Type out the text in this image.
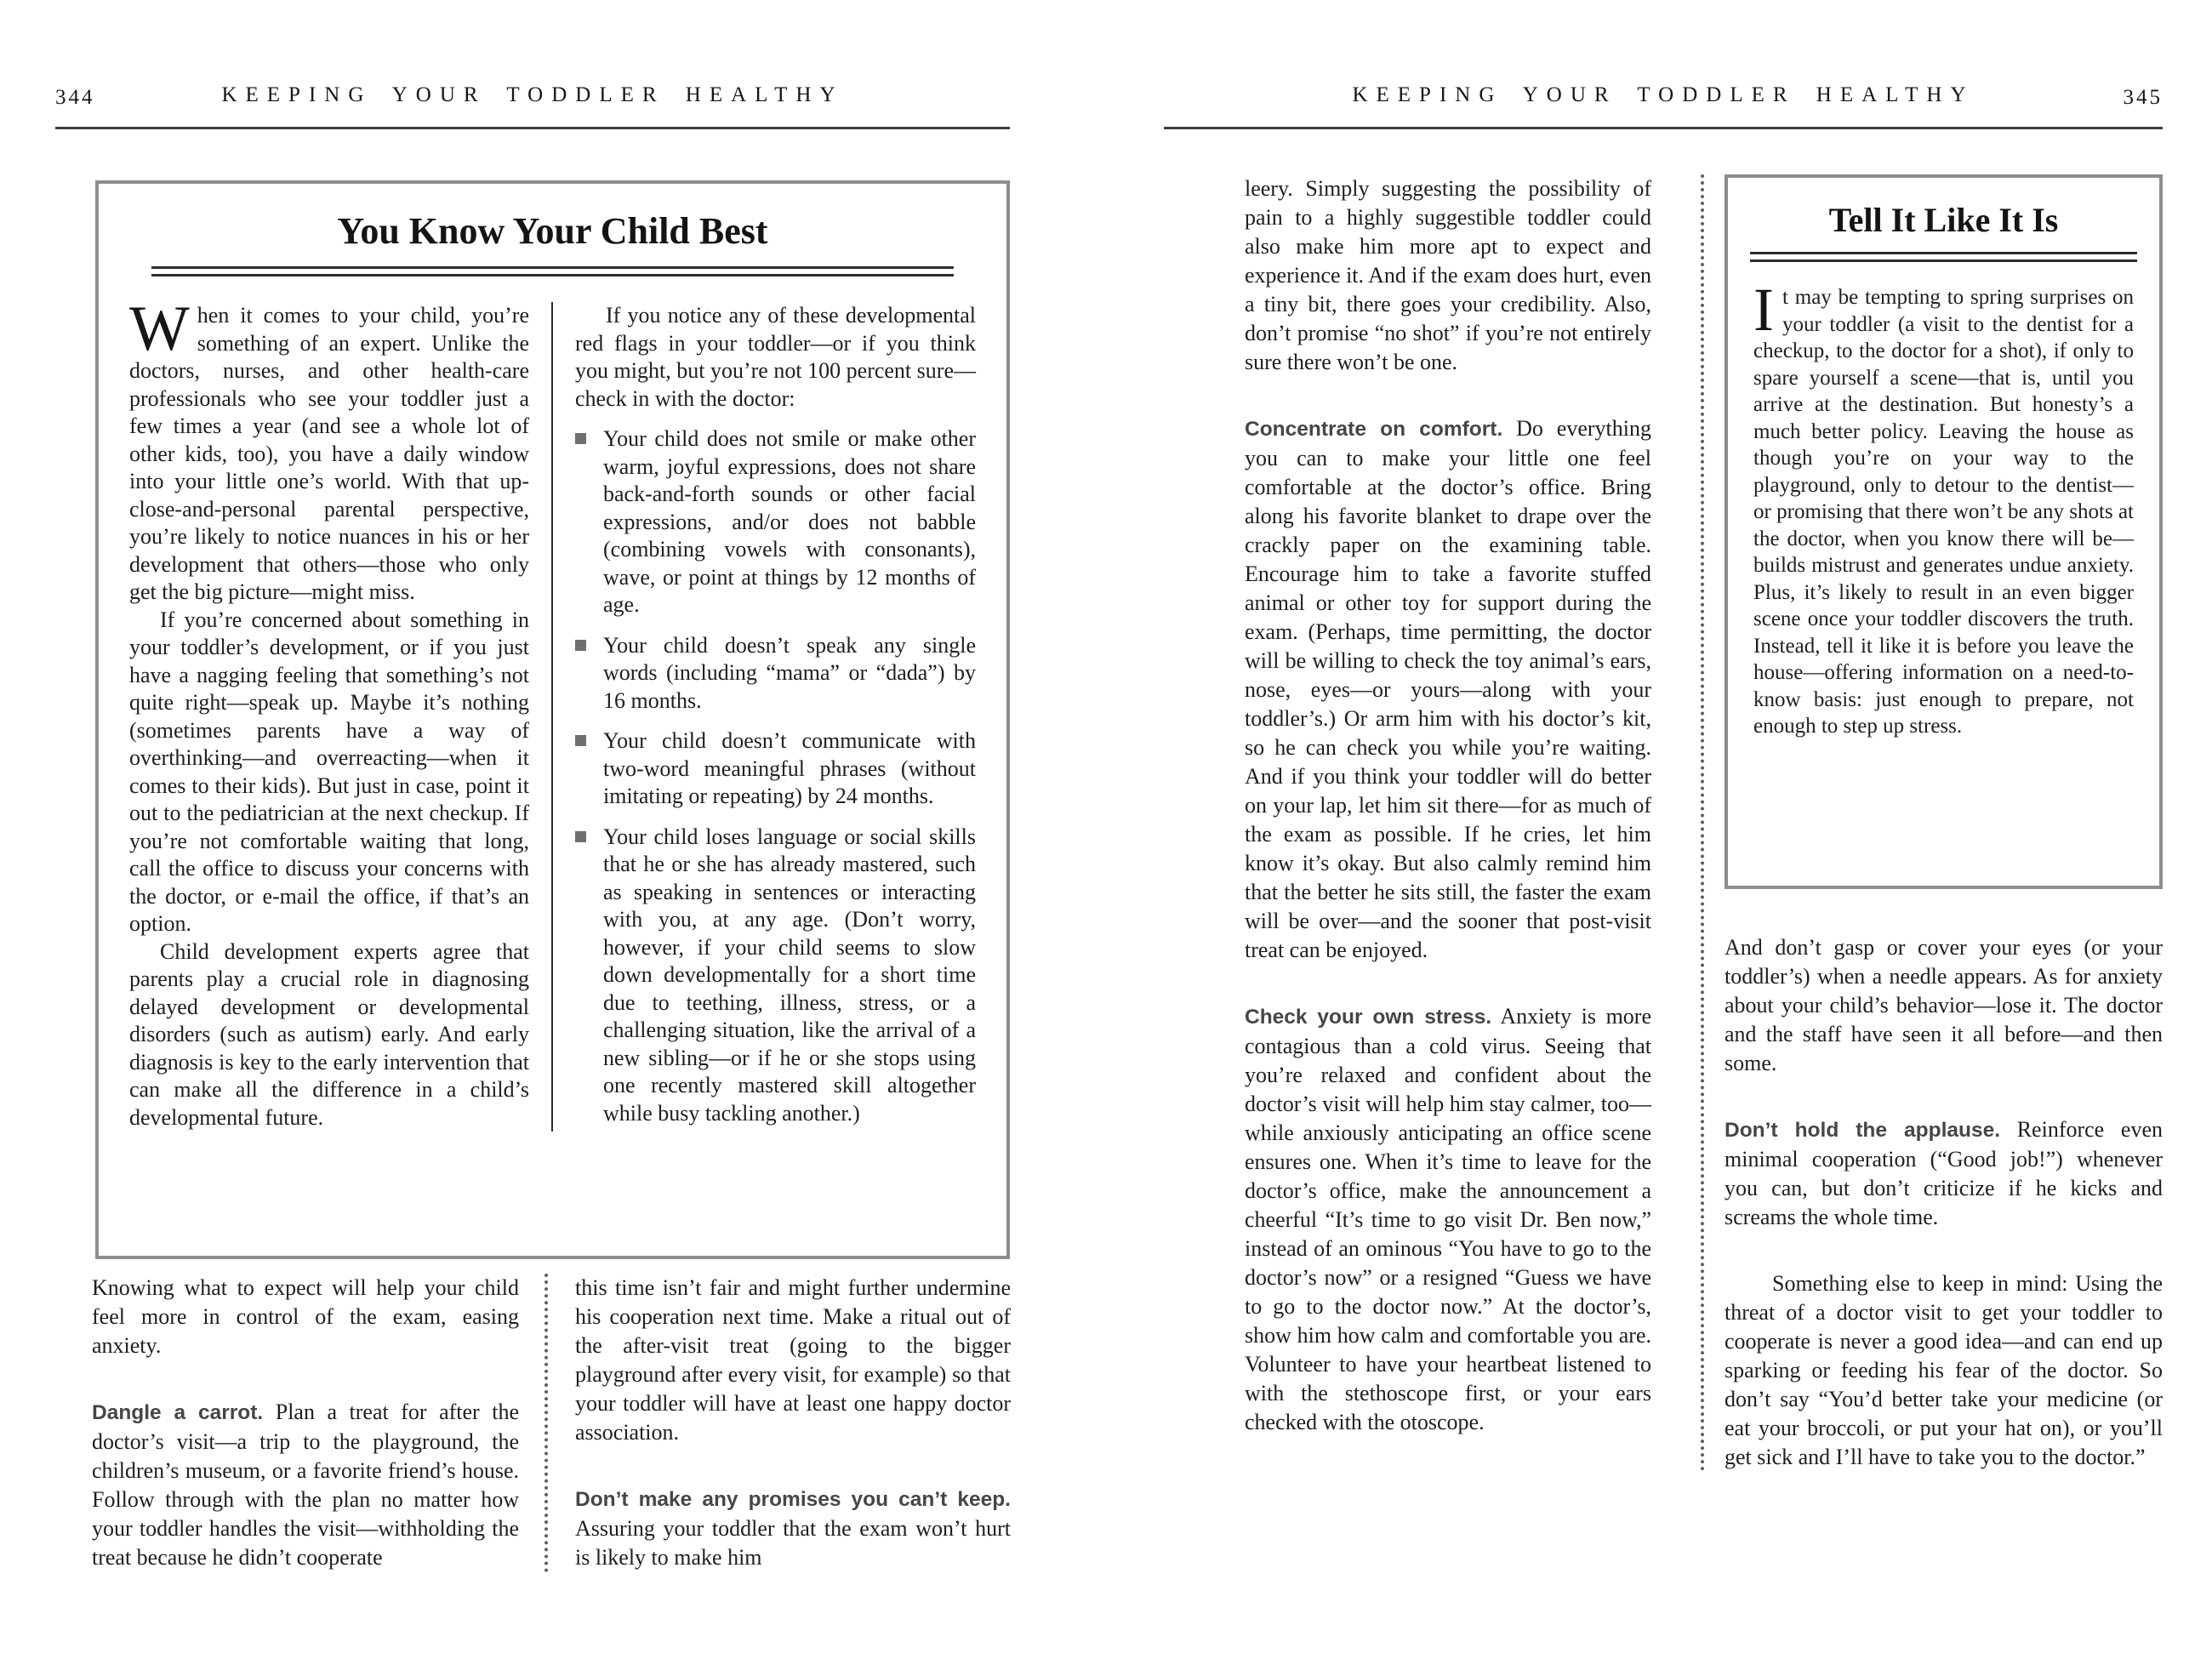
344	KEEPING YOUR TODDLER HEALTHY
You Know Your Child Best

When it comes to your child, you’re something of an expert. Unlike the doctors, nurses, and other health-care professionals who see your toddler just a few times a year (and see a whole lot of other kids, too), you have a daily window into your little one’s world. With that up-close-and-personal parental perspective, you’re likely to notice nuances in his or her development that others—those who only get the big picture—might miss.

If you’re concerned about something in your toddler’s development, or if you just have a nagging feeling that something’s not quite right—speak up. Maybe it’s nothing (sometimes parents have a way of overthinking—and overreacting—when it comes to their kids). But just in case, point it out to the pediatrician at the next checkup. If you’re not comfortable waiting that long, call the office to discuss your concerns with the doctor, or e-mail the office, if that’s an option.

Child development experts agree that parents play a crucial role in diagnosing delayed development or developmental disorders (such as autism) early. And early diagnosis is key to the early intervention that can make all the difference in a child’s developmental future.

If you notice any of these developmental red flags in your toddler—or if you think you might, but you’re not 100 percent sure—check in with the doctor:

Your child does not smile or make other warm, joyful expressions, does not share back-and-forth sounds or other facial expressions, and/or does not babble (combining vowels with consonants), wave, or point at things by 12 months of age.
Your child doesn’t speak any single words (including “mama” or “dada”) by 16 months.
Your child doesn’t communicate with two-word meaningful phrases (without imitating or repeating) by 24 months.
Your child loses language or social skills that he or she has already mastered, such as speaking in sentences or interacting with you, at any age. (Don’t worry, however, if your child seems to slow down developmentally for a short time due to teething, illness, stress, or a challenging situation, like the arrival of a new sibling—or if he or she stops using one recently mastered skill altogether while busy tackling another.)

Knowing what to expect will help your child feel more in control of the exam, easing anxiety.

Dangle a carrot. Plan a treat for after the doctor’s visit—a trip to the playground, the children’s museum, or a favorite friend’s house. Follow through with the plan no matter how your toddler handles the visit—withholding the treat because he didn’t cooperate

this time isn’t fair and might further undermine his cooperation next time. Make a ritual out of the after-visit treat (going to the bigger playground after every visit, for example) so that your toddler will have at least one happy doctor association.

Don’t make any promises you can’t keep. Assuring your toddler that the exam won’t hurt is likely to make him

KEEPING YOUR TODDLER HEALTHY	345

leery. Simply suggesting the possibility of pain to a highly suggestible toddler could also make him more apt to expect and experience it. And if the exam does hurt, even a tiny bit, there goes your credibility. Also, don’t promise “no shot” if you’re not entirely sure there won’t be one.

Concentrate on comfort. Do everything you can to make your little one feel comfortable at the doctor’s office. Bring along his favorite blanket to drape over the crackly paper on the examining table. Encourage him to take a favorite stuffed animal or other toy for support during the exam. (Perhaps, time permitting, the doctor will be willing to check the toy animal’s ears, nose, eyes—or yours—along with your toddler’s.) Or arm him with his doctor’s kit, so he can check you while you’re waiting. And if you think your toddler will do better on your lap, let him sit there—for as much of the exam as possible. If he cries, let him know it’s okay. But also calmly remind him that the better he sits still, the faster the exam will be over—and the sooner that post-visit treat can be enjoyed.

Check your own stress. Anxiety is more contagious than a cold virus. Seeing that you’re relaxed and confident about the doctor’s visit will help him stay calmer, too—while anxiously anticipating an office scene ensures one. When it’s time to leave for the doctor’s office, make the announcement a cheerful “It’s time to go visit Dr. Ben now,” instead of an ominous “You have to go to the doctor’s now” or a resigned “Guess we have to go to the doctor now.” At the doctor’s, show him how calm and comfortable you are. Volunteer to have your heartbeat listened to with the stethoscope first, or your ears checked with the otoscope.

Tell It Like It Is

It may be tempting to spring surprises on your toddler (a visit to the dentist for a checkup, to the doctor for a shot), if only to spare yourself a scene—that is, until you arrive at the destination. But honesty’s a much better policy. Leaving the house as though you’re on your way to the playground, only to detour to the dentist—or promising that there won’t be any shots at the doctor, when you know there will be—builds mistrust and generates undue anxiety. Plus, it’s likely to result in an even bigger scene once your toddler discovers the truth. Instead, tell it like it is before you leave the house—offering information on a need-to-know basis: just enough to prepare, not enough to step up stress.

And don’t gasp or cover your eyes (or your toddler’s) when a needle appears. As for anxiety about your child’s behavior—lose it. The doctor and the staff have seen it all before—and then some.

Don’t hold the applause. Reinforce even minimal cooperation (“Good job!”) whenever you can, but don’t criticize if he kicks and screams the whole time.

Something else to keep in mind: Using the threat of a doctor visit to get your toddler to cooperate is never a good idea—and can end up sparking or feeding his fear of the doctor. So don’t say “You’d better take your medicine (or eat your broccoli, or put your hat on), or you’ll get sick and I’ll have to take you to the doctor.”
